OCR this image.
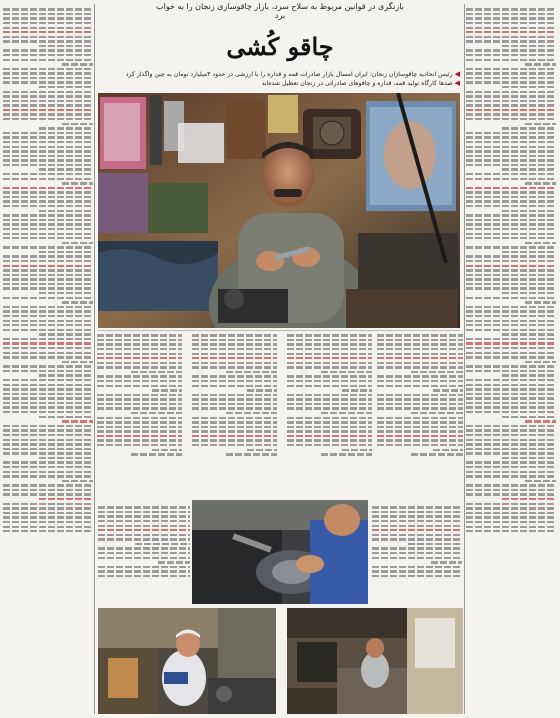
بازنگری در قوانین مربوط به سلاح سرد، بازار چاقوسازی زنجان را به خواب برد
چاقو کُشی
◀رئیس اتحادیه چاقوسازان زنجان: ایران امسال بازار صادرات قمه و قداره را با ارزشی در حدود ۳میلیارد تومان به چین واگذار کرد
◀صدها کارگاه تولید قمه، قداره و چاقوهای صادراتی در زنجان تعطیل شده‌اند
